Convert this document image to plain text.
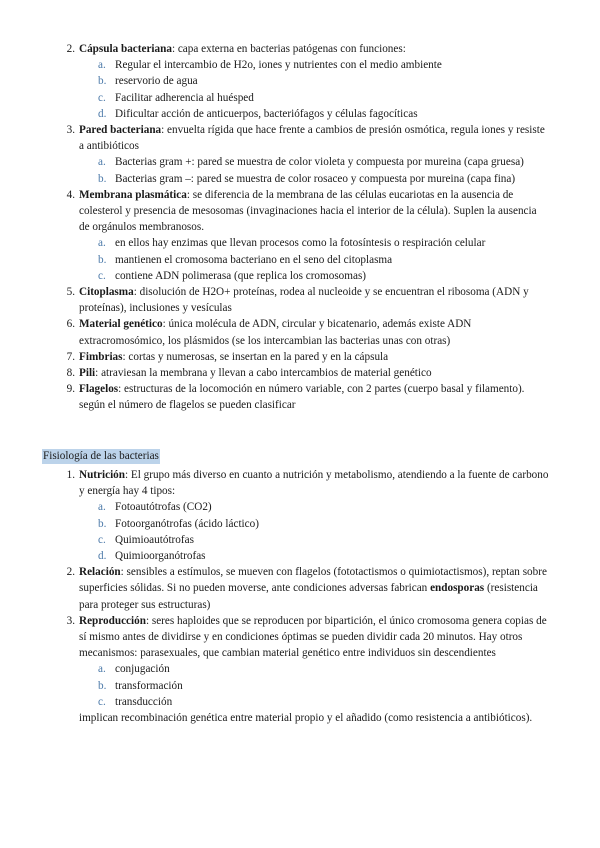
2. Cápsula bacteriana: capa externa en bacterias patógenas con funciones:
a. Regular el intercambio de H2o, iones y nutrientes con el medio ambiente
b. reservorio de agua
c. Facilitar adherencia al huésped
d. Dificultar acción de anticuerpos, bacteriófagos y células fagocíticas
3. Pared bacteriana: envuelta rígida que hace frente a cambios de presión osmótica, regula iones y resiste a antibióticos
a. Bacterias gram +: pared se muestra de color violeta y compuesta por mureina (capa gruesa)
b. Bacterias gram –: pared se muestra de color rosaceo y compuesta por mureina (capa fina)
4. Membrana plasmática: se diferencia de la membrana de las células eucariotas en la ausencia de colesterol y presencia de mesosomas (invaginaciones hacia el interior de la célula). Suplen la ausencia de orgánulos membranosos.
a. en ellos hay enzimas que llevan procesos como la fotosíntesis o respiración celular
b. mantienen el cromosoma bacteriano en el seno del citoplasma
c. contiene ADN polimerasa (que replica los cromosomas)
5. Citoplasma: disolución de H2O+ proteínas, rodea al nucleoide y se encuentran el ribosoma (ADN y proteínas), inclusiones y vesículas
6. Material genético: única molécula de ADN, circular y bicatenario, además existe ADN extracromosómico, los plásmidos (se los intercambian las bacterias unas con otras)
7. Fimbrias: cortas y numerosas, se insertan en la pared y en la cápsula
8. Pili: atraviesan la membrana y llevan a cabo intercambios de material genético
9. Flagelos: estructuras de la locomoción en número variable, con 2 partes (cuerpo basal y filamento). según el número de flagelos se pueden clasificar
Fisiología de las bacterias
1. Nutrición: El grupo más diverso en cuanto a nutrición y metabolismo, atendiendo a la fuente de carbono y energía hay 4 tipos:
a. Fotoautótrofas (CO2)
b. Fotoorganótrofas (ácido láctico)
c. Quimioautótrofas
d. Quimioorganótrofas
2. Relación: sensibles a estímulos, se mueven con flagelos (fototactismos o quimiotactismos), reptan sobre superficies sólidas. Si no pueden moverse, ante condiciones adversas fabrican endosporas (resistencia para proteger sus estructuras)
3. Reproducción: seres haploides que se reproducen por bipartición, el único cromosoma genera copias de sí mismo antes de dividirse y en condiciones óptimas se pueden dividir cada 20 minutos. Hay otros mecanismos: parasexuales, que cambian material genético entre individuos sin descendientes
a. conjugación
b. transformación
c. transducción
implican recombinación genética entre material propio y el añadido (como resistencia a antibióticos).
